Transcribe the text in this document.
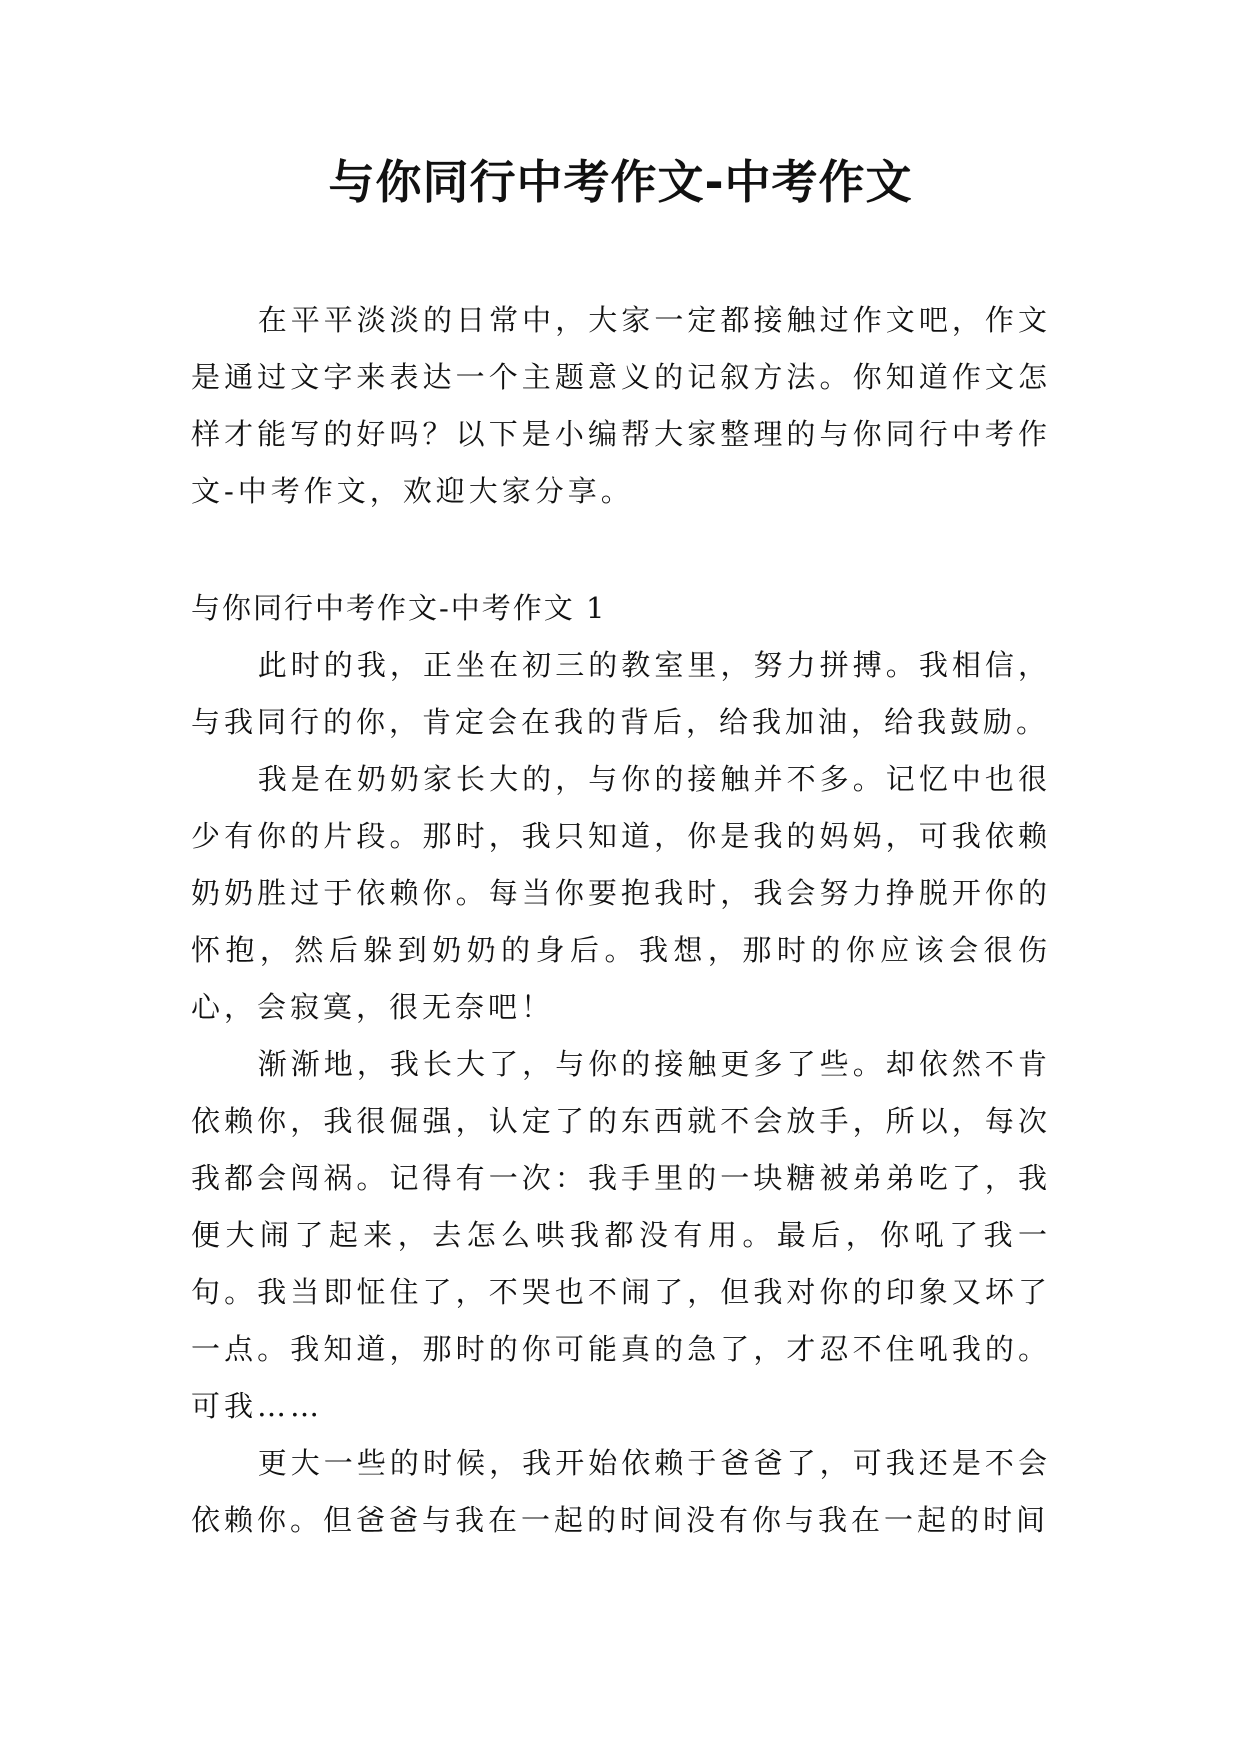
与你同行中考作文-中考作文

在平平淡淡的日常中，大家一定都接触过作文吧，作文是通过文字来表达一个主题意义的记叙方法。你知道作文怎样才能写的好吗？以下是小编帮大家整理的与你同行中考作文-中考作文，欢迎大家分享。

与你同行中考作文-中考作文 1

此时的我，正坐在初三的教室里，努力拼搏。我相信，与我同行的你，肯定会在我的背后，给我加油，给我鼓励。

我是在奶奶家长大的，与你的接触并不多。记忆中也很少有你的片段。那时，我只知道，你是我的妈妈，可我依赖奶奶胜过于依赖你。每当你要抱我时，我会努力挣脱开你的怀抱，然后躲到奶奶的身后。我想，那时的你应该会很伤心，会寂寞，很无奈吧！

渐渐地，我长大了，与你的接触更多了些。却依然不肯依赖你，我很倔强，认定了的东西就不会放手，所以，每次我都会闯祸。记得有一次：我手里的一块糖被弟弟吃了，我便大闹了起来，去怎么哄我都没有用。最后，你吼了我一句。我当即怔住了，不哭也不闹了，但我对你的印象又坏了一点。我知道，那时的你可能真的急了，才忍不住吼我的。可我……

更大一些的时候，我开始依赖于爸爸了，可我还是不会依赖你。但爸爸与我在一起的时间没有你与我在一起的时间
